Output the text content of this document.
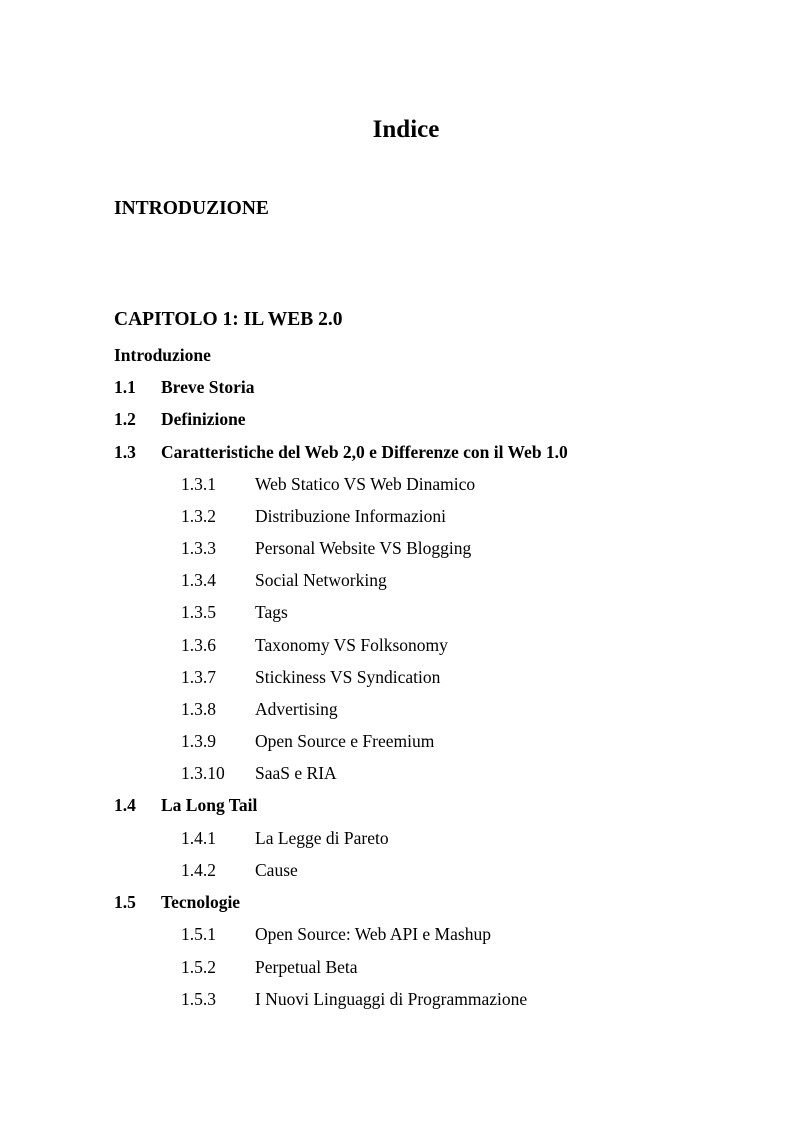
Indice
INTRODUZIONE
CAPITOLO 1: IL WEB 2.0
Introduzione
1.1 Breve Storia
1.2 Definizione
1.3 Caratteristiche del Web 2,0 e Differenze con il Web 1.0
1.3.1 Web Statico VS Web Dinamico
1.3.2 Distribuzione Informazioni
1.3.3 Personal Website VS Blogging
1.3.4 Social Networking
1.3.5 Tags
1.3.6 Taxonomy VS Folksonomy
1.3.7 Stickiness VS Syndication
1.3.8 Advertising
1.3.9 Open Source e Freemium
1.3.10 SaaS e RIA
1.4 La Long Tail
1.4.1 La Legge di Pareto
1.4.2 Cause
1.5 Tecnologie
1.5.1 Open Source: Web API e Mashup
1.5.2 Perpetual Beta
1.5.3 I Nuovi Linguaggi di Programmazione
